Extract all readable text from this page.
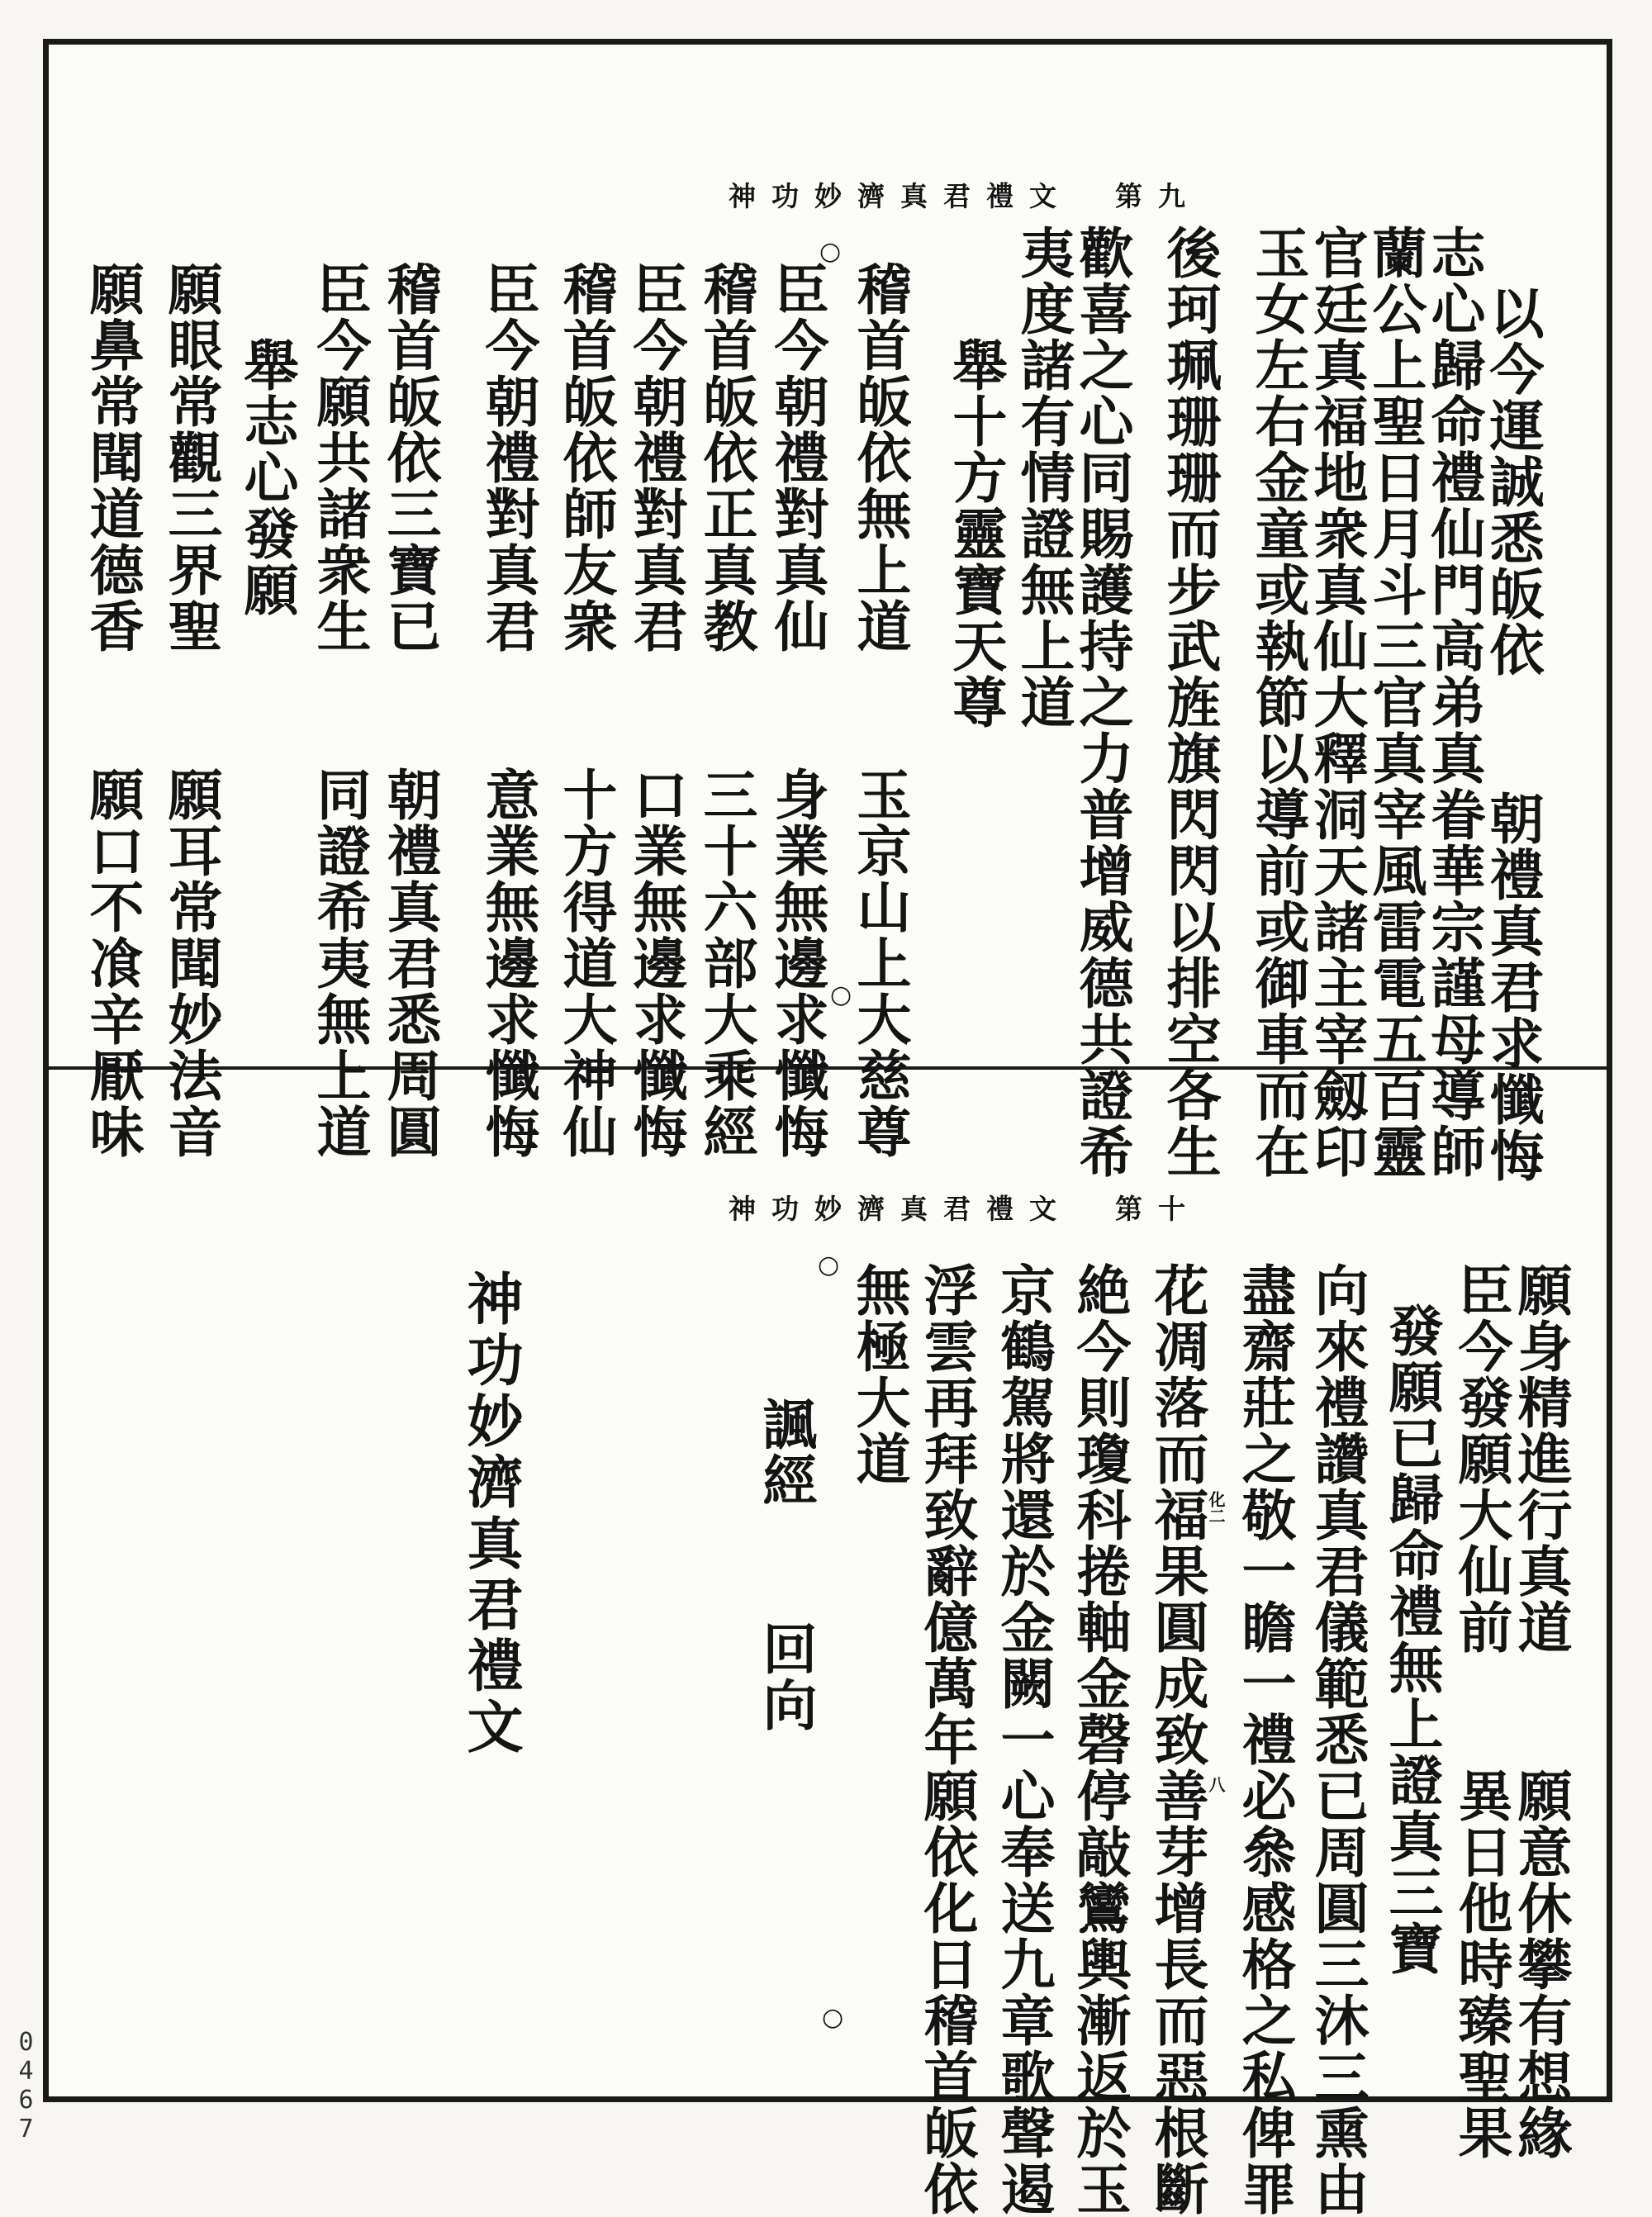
神功妙濟真君禮文 第九
以今運誠悉皈依　　朝禮真君求懺悔
志心歸命禮仙門高弟真眷華宗謹母導師
蘭公上聖日月斗三官真宰風雷電五百靈
官廷真福地衆真仙大釋洞天諸主宰劔印
玉女左右金童或執節以導前或御車而在
後珂珮珊珊而步武旌旗閃閃以排空各生
歡喜之心同賜護持之力普增威德共證希
夷度諸有情證無上道
舉十方靈寶天尊
稽首皈依無上道　　玉京山上大慈尊
臣今朝禮對真仙　　身業無邊求懺悔
稽首皈依正真教　　三十六部大乘經
臣今朝禮對真君　　口業無邊求懺悔
稽首皈依師友衆　　十方得道大神仙
臣今朝禮對真君　　意業無邊求懺悔
稽首皈依三寶已　　朝禮真君悉周圓
臣今願共諸衆生　　同證希夷無上道
舉志心發願
願眼常觀三界聖　　願耳常聞妙法音
願鼻常聞道德香　　願口不飡辛厭味
○
○
神功妙濟真君禮文 第十
願身精進行真道　　願意休攀有想緣
臣今發願大仙前　　異日他時臻聖果
發願已歸命禮無上證真三寶
向來禮讚真君儀範悉已周圓三沐三熏由
盡齋莊之敬一瞻一禮必叅感格之私俾罪
花凋落而福果圓成致善芽增長而惡根斷
絶今則瓊科捲軸金磬停敲鸞輿漸返於玉
京鶴駕將還於金闕一心奉送九章歌聲遏
浮雲再拜致辭億萬年願依化日稽首皈依
無極大道
諷經　　回向
神功妙濟真君禮文	化二
八
○
○
0467
